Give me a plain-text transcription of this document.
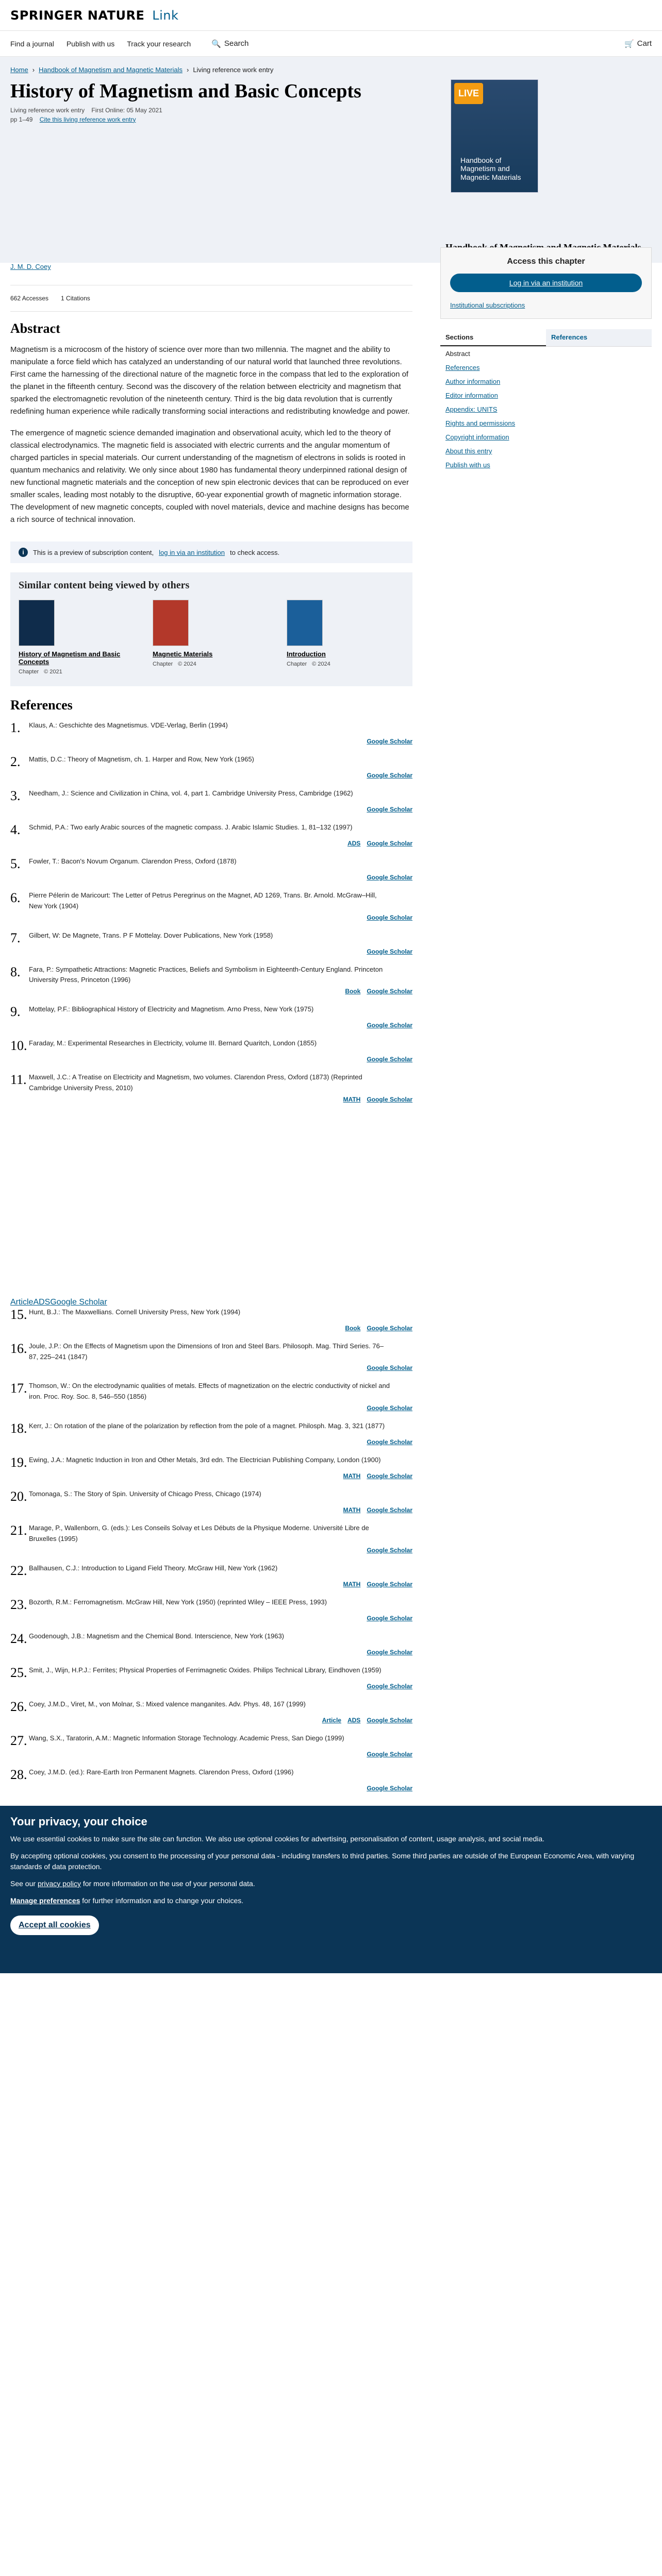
SPRINGER NATURE Link
Find a journal Publish with us Track your research	🔍 Search	🛒 Cart
Home › Handbook of Magnetism and Magnetic Materials › Living reference work entry
History of Magnetism and Basic Concepts
Living reference work entry First Online: 05 May 2021
pp 1–49 Cite this living reference work entry
LIVE
Handbook of Magnetism and Magnetic Materials
J. M. D. Coey
662 Accesses 1 Citations
Abstract

Magnetism is a microcosm of the history of science over more than two millennia. The magnet and the ability to manipulate a force field which has catalyzed an understanding of our natural world that launched three revolutions. First came the harnessing of the directional nature of the magnetic force in the compass that led to the exploration of the planet in the fifteenth century. Second was the discovery of the relation between electricity and magnetism that sparked the electromagnetic revolution of the nineteenth century. Third is the big data revolution that is currently redefining human experience while radically transforming social interactions and redistributing knowledge and power.

The emergence of magnetic science demanded imagination and observational acuity, which led to the theory of classical electrodynamics. The magnetic field is associated with electric currents and the angular momentum of charged particles in special materials. Our current understanding of the magnetism of electrons in solids is rooted in quantum mechanics and relativity. We only since about 1980 has fundamental theory underpinned rational design of new functional magnetic materials and the conception of new spin electronic devices that can be reproduced on ever smaller scales, leading most notably to the disruptive, 60-year exponential growth of magnetic information storage. The development of new magnetic concepts, coupled with novel materials, device and machine designs has become a rich source of technical innovation.

i	This is a preview of subscription content, log in via an institution to check access.
Similar content being viewed by others
History of Magnetism and Basic Concepts
Chapter © 2021
Magnetic Materials
Chapter © 2024
Introduction
Chapter © 2024
References
1. Klaus, A.: Geschichte des Magnetismus. VDE-Verlag, Berlin (1994)
Google Scholar
2. Mattis, D.C.: Theory of Magnetism, ch. 1. Harper and Row, New York (1965)
Google Scholar
3. Needham, J.: Science and Civilization in China, vol. 4, part 1. Cambridge University Press, Cambridge (1962)
Google Scholar
4. Schmid, P.A.: Two early Arabic sources of the magnetic compass. J. Arabic Islamic Studies. 1, 81–132 (1997)
ADS Google Scholar
5. Fowler, T.: Bacon's Novum Organum. Clarendon Press, Oxford (1878)
Google Scholar
6. Pierre Pélerin de Maricourt: The Letter of Petrus Peregrinus on the Magnet, AD 1269, Trans. Br. Arnold. McGraw–Hill, New York (1904)
Google Scholar
7. Gilbert, W: De Magnete, Trans. P F Mottelay. Dover Publications, New York (1958)
Google Scholar
8. Fara, P.: Sympathetic Attractions: Magnetic Practices, Beliefs and Symbolism in Eighteenth-Century England. Princeton University Press, Princeton (1996)
Book Google Scholar
9. Mottelay, P.F.: Bibliographical History of Electricity and Magnetism. Arno Press, New York (1975)
Google Scholar
10. Faraday, M.: Experimental Researches in Electricity, volume III. Bernard Quaritch, London (1855)
Google Scholar
11. Maxwell, J.C.: A Treatise on Electricity and Magnetism, two volumes. Clarendon Press, Oxford (1873) (Reprinted Cambridge University Press, 2010)
MATH Google Scholar
ArticleADSGoogle Scholar
15. Hunt, B.J.: The Maxwellians. Cornell University Press, New York (1994)
Book Google Scholar
16. Joule, J.P.: On the Effects of Magnetism upon the Dimensions of Iron and Steel Bars. Philosoph. Mag. Third Series. 76–87, 225–241 (1847)
Google Scholar
17. Thomson, W.: On the electrodynamic qualities of metals. Effects of magnetization on the electric conductivity of nickel and iron. Proc. Roy. Soc. 8, 546–550 (1856)
Google Scholar
18. Kerr, J.: On rotation of the plane of the polarization by reflection from the pole of a magnet. Philosph. Mag. 3, 321 (1877)
Google Scholar
19. Ewing, J.A.: Magnetic Induction in Iron and Other Metals, 3rd edn. The Electrician Publishing Company, London (1900)
MATH Google Scholar
20. Tomonaga, S.: The Story of Spin. University of Chicago Press, Chicago (1974)
MATH Google Scholar
21. Marage, P., Wallenborn, G. (eds.): Les Conseils Solvay et Les Débuts de la Physique Moderne. Université Libre de Bruxelles (1995)
Google Scholar
22. Ballhausen, C.J.: Introduction to Ligand Field Theory. McGraw Hill, New York (1962)
MATH Google Scholar
23. Bozorth, R.M.: Ferromagnetism. McGraw Hill, New York (1950) (reprinted Wiley – IEEE Press, 1993)
Google Scholar
24. Goodenough, J.B.: Magnetism and the Chemical Bond. Interscience, New York (1963)
Google Scholar
25. Smit, J., Wijn, H.P.J.: Ferrites; Physical Properties of Ferrimagnetic Oxides. Philips Technical Library, Eindhoven (1959)
Google Scholar
26. Coey, J.M.D., Viret, M., von Molnar, S.: Mixed valence manganites. Adv. Phys. 48, 167 (1999)
Article ADS Google Scholar
27. Wang, S.X., Taratorin, A.M.: Magnetic Information Storage Technology. Academic Press, San Diego (1999)
Google Scholar
28. Coey, J.M.D. (ed.): Rare-Earth Iron Permanent Magnets. Clarendon Press, Oxford (1996)
Google Scholar
Access this chapter
Log in via an institution
Institutional subscriptions
Sections	References
Abstract
References
Author information
Editor information
Appendix: UNITS
Rights and permissions
Copyright information
About this entry
Publish with us
Your privacy, your choice

We use essential cookies to make sure the site can function. We also use optional cookies for advertising, personalisation of content, usage analysis, and social media.

By accepting optional cookies, you consent to the processing of your personal data - including transfers to third parties. Some third parties are outside of the European Economic Area, with varying standards of data protection.

See our privacy policy for more information on the use of your personal data.

Manage preferences for further information and to change your choices.

Accept all cookies
